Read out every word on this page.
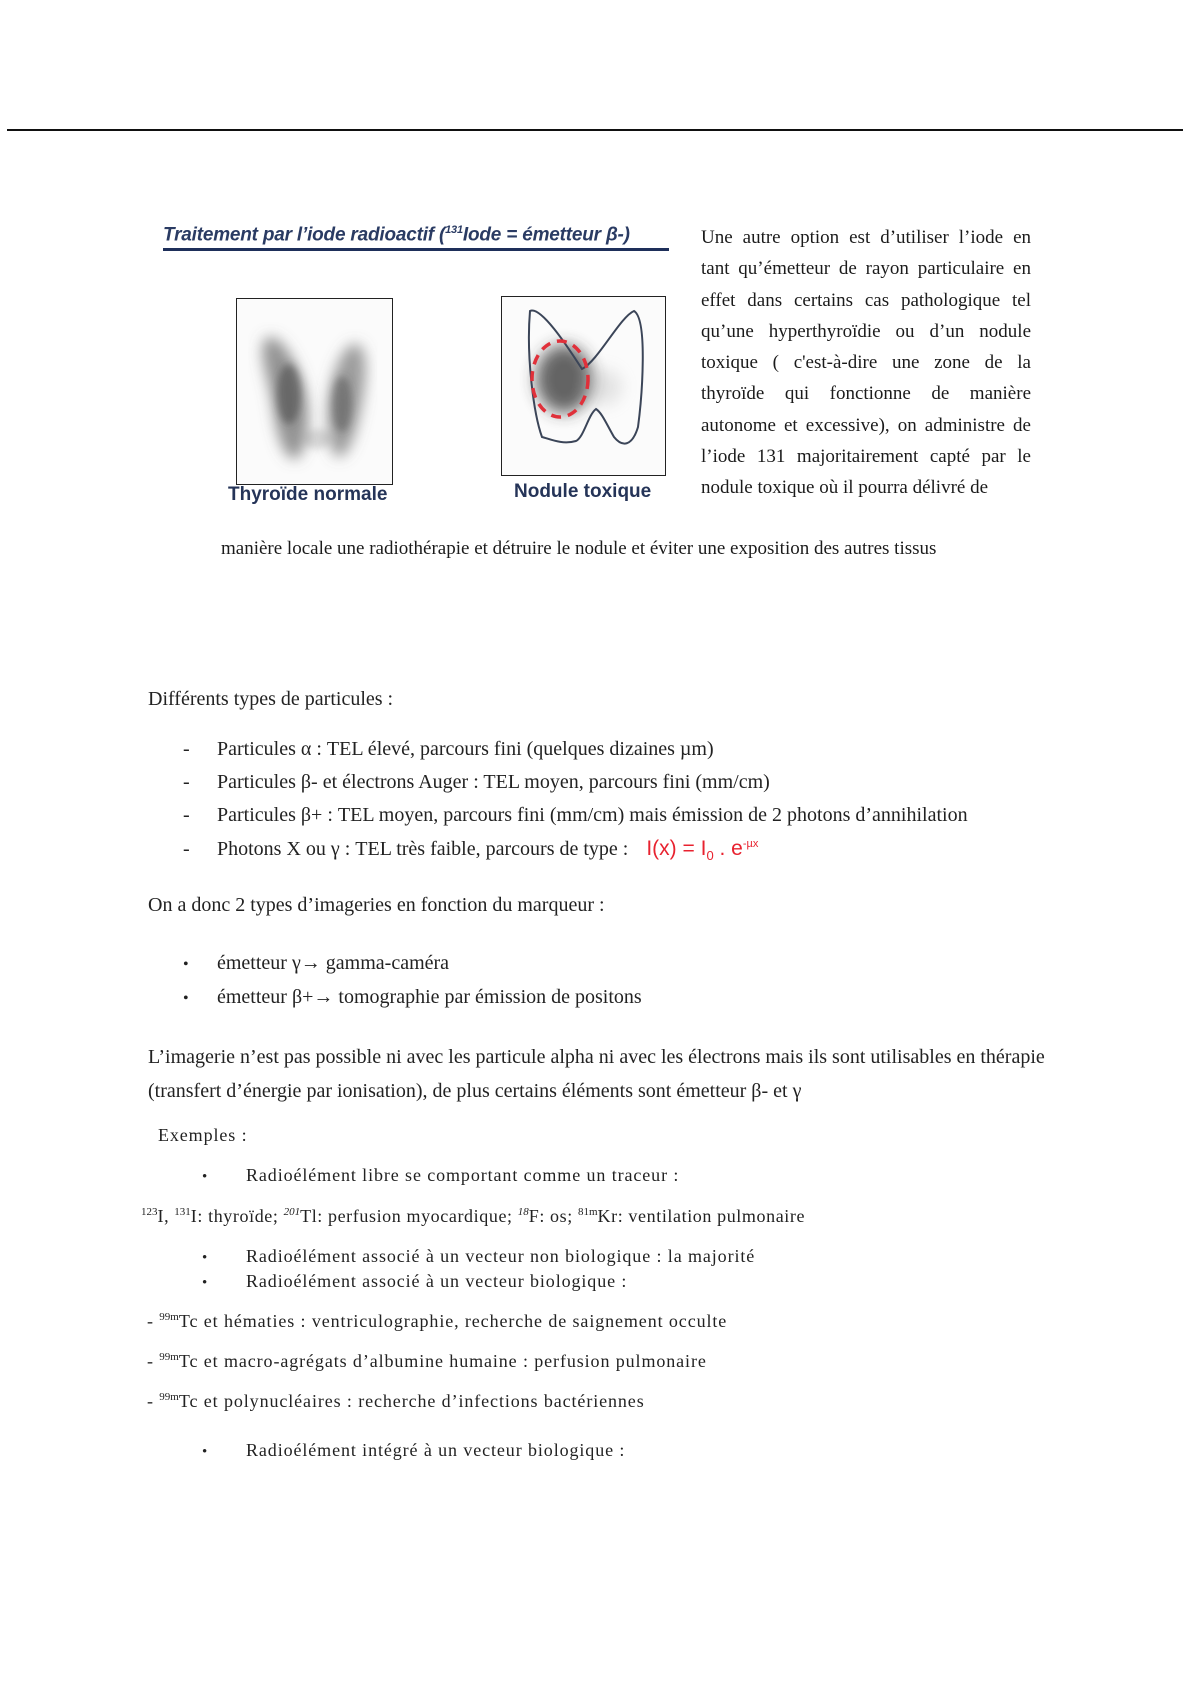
Traitement par l’iode radioactif ($^{131}$Iode = émetteur β-)
Thyroïde normale	Nodule toxique
Une autre option est d’utiliser l’iode en tant qu’émetteur de rayon particulaire en effet dans certains cas pathologique tel qu’une hyperthyroïdie ou d’un nodule toxique ( c'est-à-dire une zone de la thyroïde qui fonctionne de manière autonome et excessive), on administre de l’iode 131 majoritairement capté par le nodule toxique où il pourra délivré de
manière locale une radiothérapie et détruire le nodule et éviter une exposition des autres tissus
Différents types de particules :
-	Particules α : TEL élevé, parcours fini (quelques dizaines µm)
-	Particules β- et électrons Auger : TEL moyen, parcours fini (mm/cm)
-	Particules β+ : TEL moyen, parcours fini (mm/cm) mais émission de 2 photons d’annihilation
-	Photons X ou γ : TEL très faible, parcours de type : $I(x) = I_0$ . $e^{-\mu x}$
On a donc 2 types d’imageries en fonction du marqueur :
•	émetteur γ→ gamma-caméra
•	émetteur β+→ tomographie par émission de positons
L’imagerie n’est pas possible ni avec les particule alpha ni avec les électrons mais ils sont utilisables en thérapie (transfert d’énergie par ionisation), de plus certains éléments sont émetteur β- et γ
Exemples :
• Radioélément libre se comportant comme un traceur :
$^{123}$I, $^{131}$I: thyroïde; $^{201}$Tl: perfusion myocardique; $^{18}$F: os; $^{81m}$Kr: ventilation pulmonaire
• Radioélément associé à un vecteur non biologique : la majorité
• Radioélément associé à un vecteur biologique :
- $^{99m}$Tc et hématies : ventriculographie, recherche de saignement occulte
- $^{99m}$Tc et macro-agrégats d’albumine humaine : perfusion pulmonaire
- $^{99m}$Tc et polynucléaires : recherche d’infections bactériennes
• Radioélément intégré à un vecteur biologique :
